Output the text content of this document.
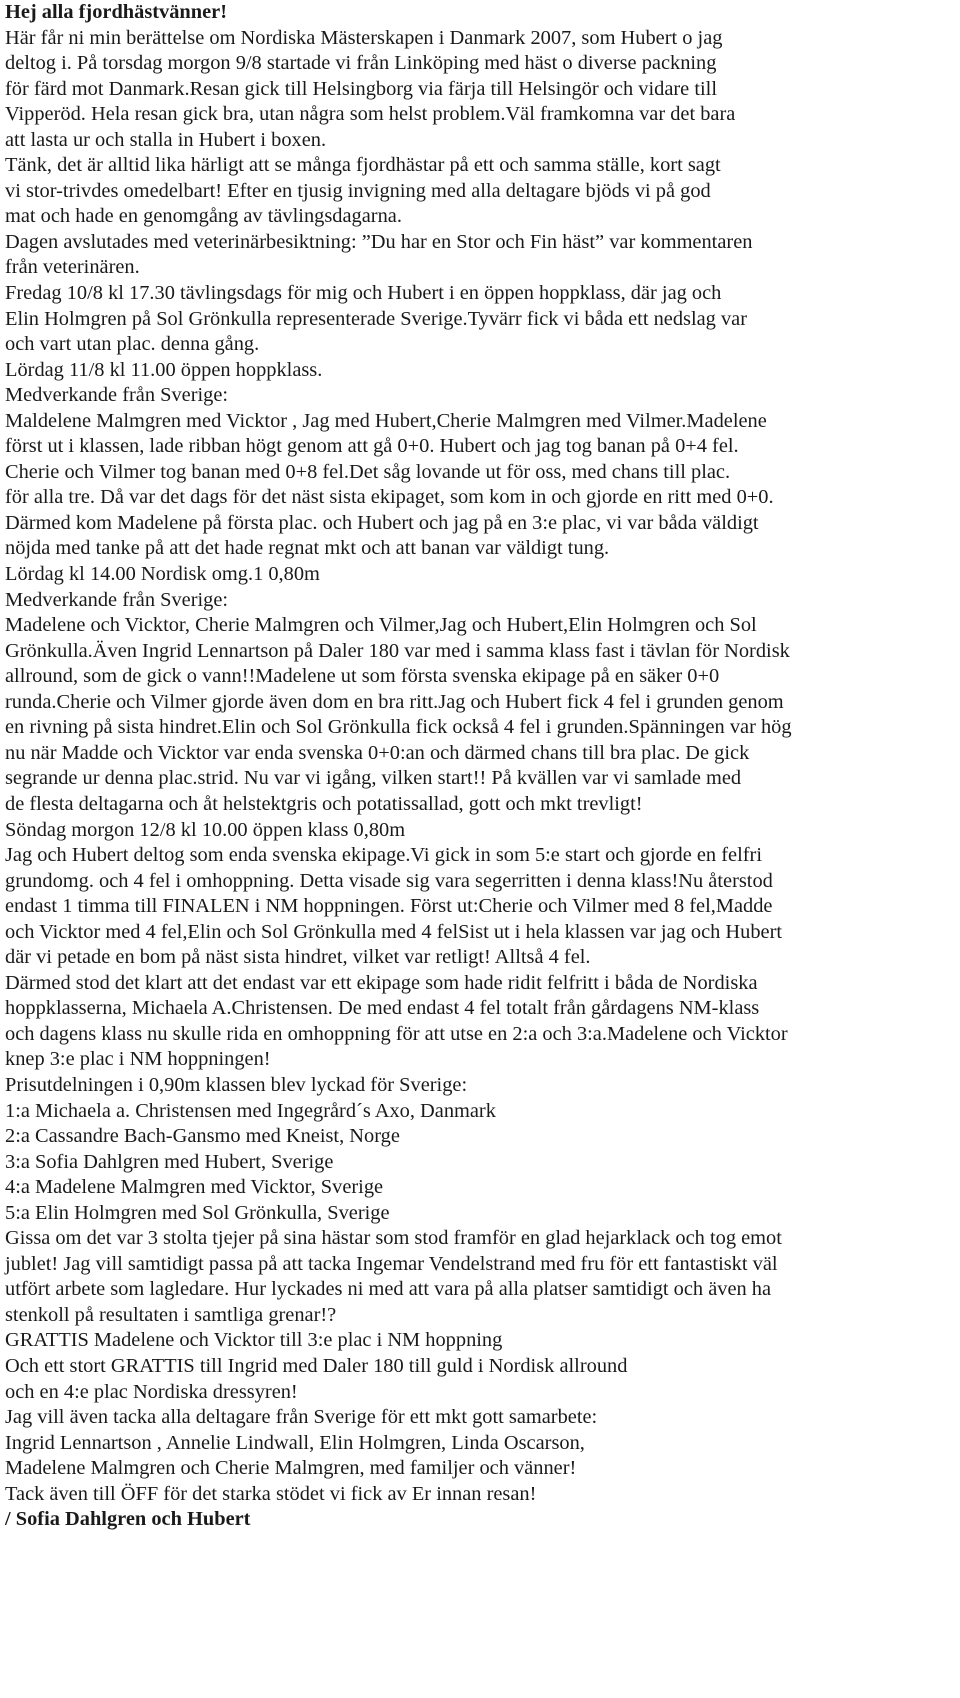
Hej alla fjordhästvänner!
Här får ni min berättelse om Nordiska Mästerskapen i Danmark 2007, som Hubert o jag
deltog i. På torsdag morgon 9/8 startade vi från Linköping med häst o diverse packning
för färd mot Danmark.Resan gick till Helsingborg via färja till Helsingör och vidare till
Vipperöd. Hela resan gick bra, utan några som helst problem.Väl framkomna var det bara
att lasta ur och stalla in Hubert i boxen.
Tänk, det är alltid lika härligt att se många fjordhästar på ett och samma ställe, kort sagt
vi stor-trivdes omedelbart! Efter en tjusig invigning med alla deltagare bjöds vi på god
mat och hade en genomgång av tävlingsdagarna.
Dagen avslutades med veterinärbesiktning: ”Du har en Stor och Fin häst” var kommentaren
från veterinären.
Fredag 10/8 kl 17.30 tävlingsdags för mig och Hubert i en öppen hoppklass, där jag och
Elin Holmgren på Sol Grönkulla representerade Sverige.Tyvärr fick vi båda ett nedslag var
och vart utan plac. denna gång.
Lördag 11/8 kl 11.00 öppen hoppklass.
Medverkande från Sverige:
Maldelene Malmgren med Vicktor , Jag med Hubert,Cherie Malmgren med Vilmer.Madelene
först ut i klassen, lade ribban högt genom att gå 0+0. Hubert och jag tog banan på 0+4 fel.
Cherie och Vilmer tog banan med 0+8 fel.Det såg lovande ut för oss, med chans till plac.
för alla tre. Då var det dags för det näst sista ekipaget, som kom in och gjorde en ritt med 0+0.
Därmed kom Madelene på första plac. och Hubert och jag på en 3:e plac, vi var båda väldigt
nöjda med tanke på att det hade regnat mkt och att banan var väldigt tung.
Lördag kl 14.00 Nordisk omg.1 0,80m
Medverkande från Sverige:
Madelene och Vicktor, Cherie Malmgren och Vilmer,Jag och Hubert,Elin Holmgren och Sol
Grönkulla.Även Ingrid Lennartson på Daler 180 var med i samma klass fast i tävlan för Nordisk
allround, som de gick o vann!!Madelene ut som första svenska ekipage på en säker 0+0
runda.Cherie och Vilmer gjorde även dom en bra ritt.Jag och Hubert fick 4 fel i grunden genom
en rivning på sista hindret.Elin och Sol Grönkulla fick också 4 fel i grunden.Spänningen var hög
nu när Madde och Vicktor var enda svenska 0+0:an och därmed chans till bra plac. De gick
segrande ur denna plac.strid. Nu var vi igång, vilken start!! På kvällen var vi samlade med
de flesta deltagarna och åt helstektgris och potatissallad, gott och mkt trevligt!
Söndag morgon 12/8 kl 10.00 öppen klass 0,80m
Jag och Hubert deltog som enda svenska ekipage.Vi gick in som 5:e start och gjorde en felfri
grundomg. och 4 fel i omhoppning. Detta visade sig vara segerritten i denna klass!Nu återstod
endast 1 timma till FINALEN i NM hoppningen. Först ut:Cherie och Vilmer med 8 fel,Madde
och Vicktor med 4 fel,Elin och Sol Grönkulla med 4 felSist ut i hela klassen var jag och Hubert
där vi petade en bom på näst sista hindret, vilket var retligt! Alltså 4 fel.
Därmed stod det klart att det endast var ett ekipage som hade ridit felfritt i båda de Nordiska
hoppklasserna, Michaela A.Christensen. De med endast 4 fel totalt från gårdagens NM-klass
och dagens klass nu skulle rida en omhoppning för att utse en 2:a och 3:a.Madelene och Vicktor
knep 3:e plac i NM hoppningen!
Prisutdelningen i 0,90m klassen blev lyckad för Sverige:
1:a Michaela a. Christensen med Ingegrård´s Axo, Danmark
2:a Cassandre Bach-Gansmo med Kneist, Norge
3:a Sofia Dahlgren med Hubert, Sverige
4:a Madelene Malmgren med Vicktor, Sverige
5:a Elin Holmgren med Sol Grönkulla, Sverige
Gissa om det var 3 stolta tjejer på sina hästar som stod framför en glad hejarklack och tog emot
jublet! Jag vill samtidigt passa på att tacka Ingemar Vendelstrand med fru för ett fantastiskt väl
utfört arbete som lagledare. Hur lyckades ni med att vara på alla platser samtidigt och även ha
stenkoll på resultaten i samtliga grenar!?
GRATTIS Madelene och Vicktor till 3:e plac i NM hoppning
Och ett stort GRATTIS till Ingrid med Daler 180 till guld i Nordisk allround
och en 4:e plac Nordiska dressyren!
Jag vill även tacka alla deltagare från Sverige för ett mkt gott samarbete:
Ingrid Lennartson , Annelie Lindwall, Elin Holmgren, Linda Oscarson,
Madelene Malmgren och Cherie Malmgren, med familjer och vänner!
Tack även till ÖFF för det starka stödet vi fick av Er innan resan!
/ Sofia Dahlgren och Hubert
